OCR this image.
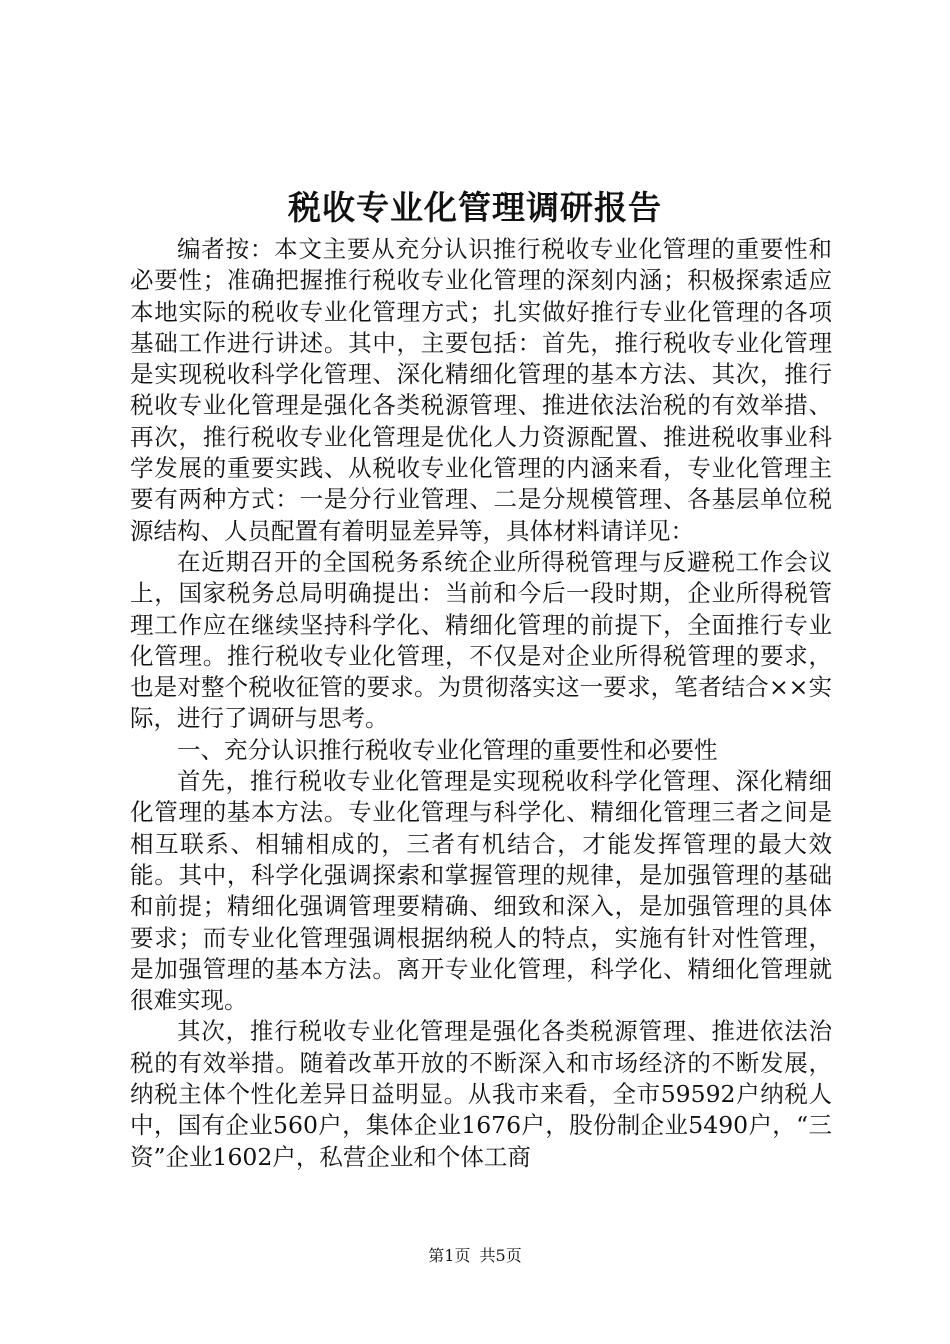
税收专业化管理调研报告

编者按：本文主要从充分认识推行税收专业化管理的重要性和必要性；准确把握推行税收专业化管理的深刻内涵；积极探索适应本地实际的税收专业化管理方式；扎实做好推行专业化管理的各项基础工作进行讲述。其中，主要包括：首先，推行税收专业化管理是实现税收科学化管理、深化精细化管理的基本方法、其次，推行税收专业化管理是强化各类税源管理、推进依法治税的有效举措、再次，推行税收专业化管理是优化人力资源配置、推进税收事业科学发展的重要实践、从税收专业化管理的内涵来看，专业化管理主要有两种方式：一是分行业管理、二是分规模管理、各基层单位税源结构、人员配置有着明显差异等，具体材料请详见：

在近期召开的全国税务系统企业所得税管理与反避税工作会议上，国家税务总局明确提出：当前和今后一段时期，企业所得税管理工作应在继续坚持科学化、精细化管理的前提下，全面推行专业化管理。推行税收专业化管理，不仅是对企业所得税管理的要求，也是对整个税收征管的要求。为贯彻落实这一要求，笔者结合××实际，进行了调研与思考。

一、充分认识推行税收专业化管理的重要性和必要性

首先，推行税收专业化管理是实现税收科学化管理、深化精细化管理的基本方法。专业化管理与科学化、精细化管理三者之间是相互联系、相辅相成的，三者有机结合，才能发挥管理的最大效能。其中，科学化强调探索和掌握管理的规律，是加强管理的基础和前提；精细化强调管理要精确、细致和深入，是加强管理的具体要求；而专业化管理强调根据纳税人的特点，实施有针对性管理，是加强管理的基本方法。离开专业化管理，科学化、精细化管理就很难实现。

其次，推行税收专业化管理是强化各类税源管理、推进依法治税的有效举措。随着改革开放的不断深入和市场经济的不断发展，纳税主体个性化差异日益明显。从我市来看，全市59592户纳税人中，国有企业560户，集体企业1676户，股份制企业5490户，“三资”企业1602户，私营企业和个体工商

第1页 共5页
